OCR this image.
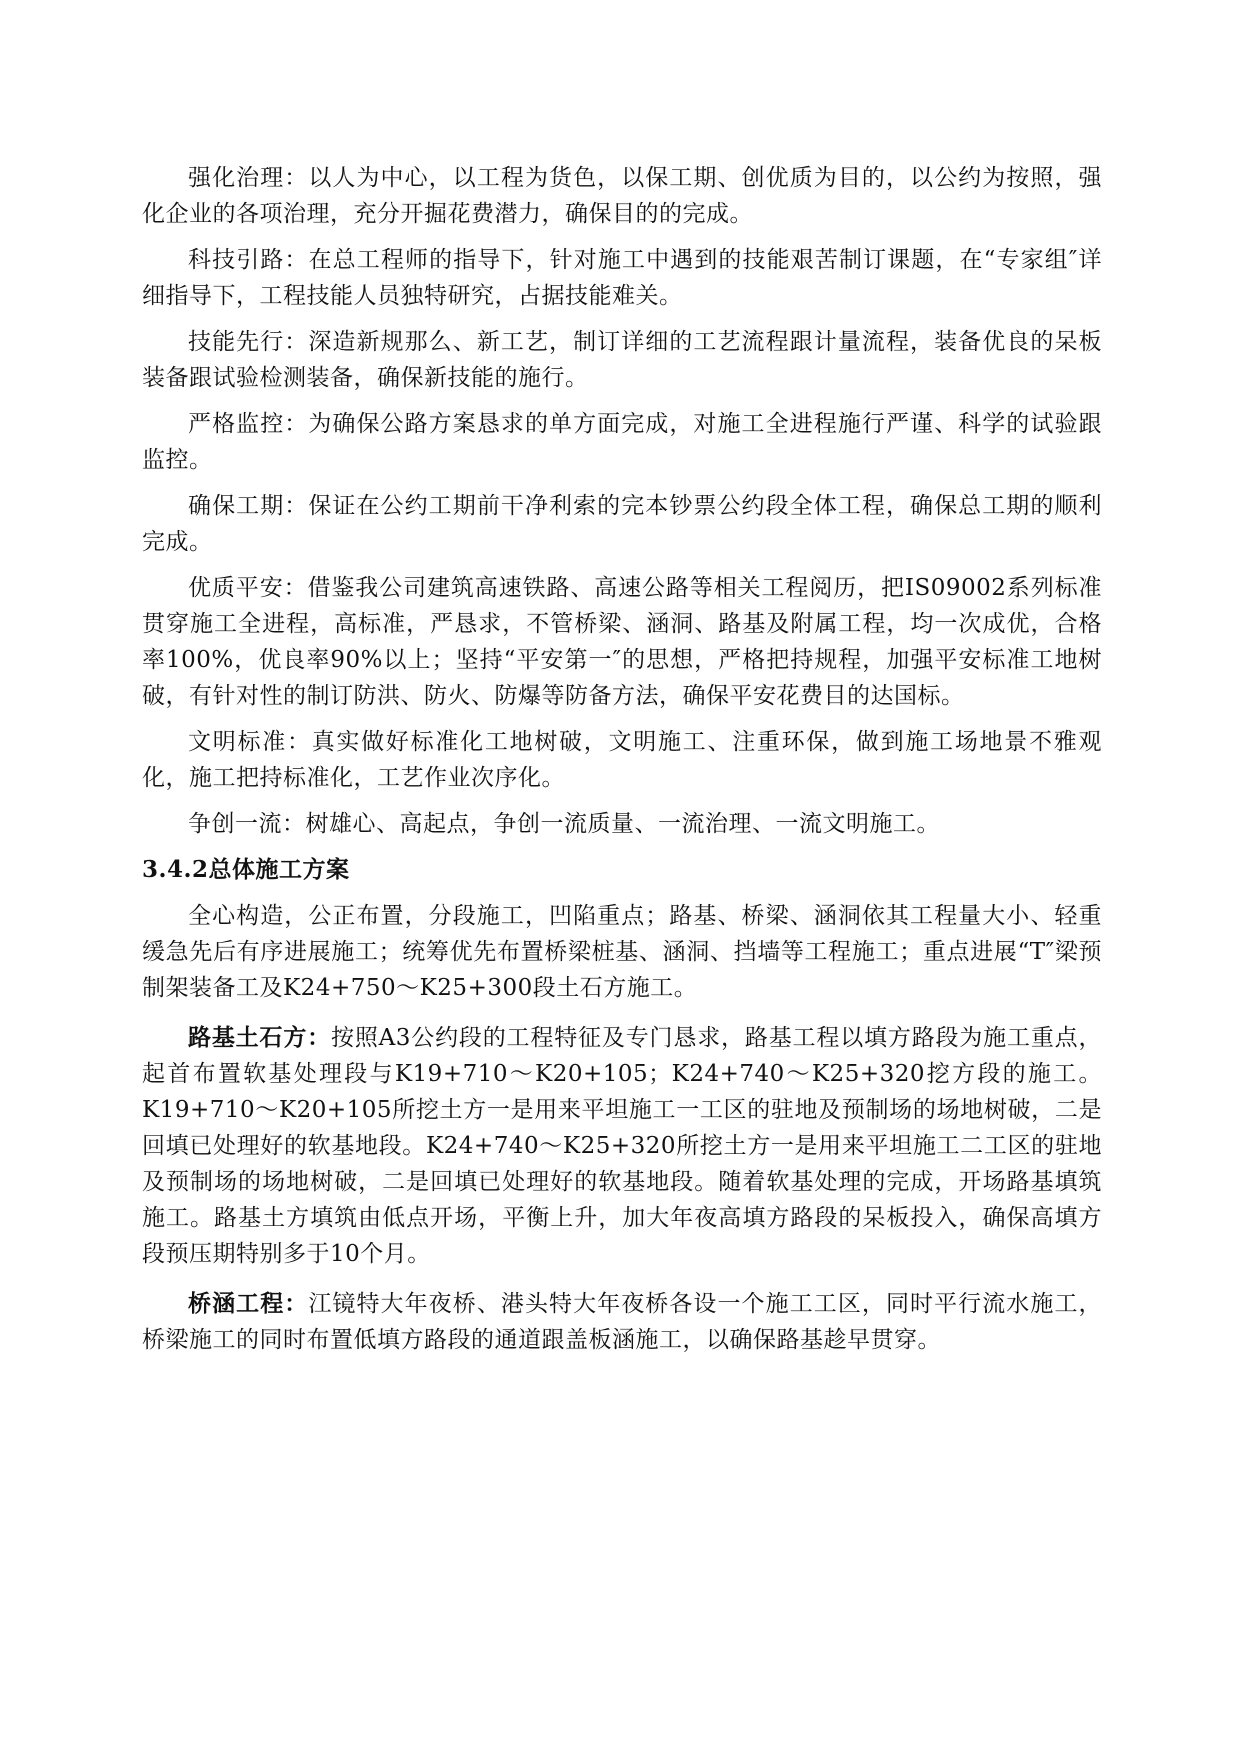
强化治理：以人为中心，以工程为货色，以保工期、创优质为目的，以公约为按照，强化企业的各项治理，充分开掘花费潜力，确保目的的完成。

科技引路：在总工程师的指导下，针对施工中遇到的技能艰苦制订课题，在“专家组″详细指导下，工程技能人员独特研究，占据技能难关。

技能先行：深造新规那么、新工艺，制订详细的工艺流程跟计量流程，装备优良的呆板装备跟试验检测装备，确保新技能的施行。

严格监控：为确保公路方案恳求的单方面完成，对施工全进程施行严谨、科学的试验跟监控。

确保工期：保证在公约工期前干净利索的完本钞票公约段全体工程，确保总工期的顺利完成。

优质平安：借鉴我公司建筑高速铁路、高速公路等相关工程阅历，把IS09002系列标准贯穿施工全进程，高标准，严恳求，不管桥梁、涵洞、路基及附属工程，均一次成优，合格率100%，优良率90%以上；坚持“平安第一″的思想，严格把持规程，加强平安标准工地树破，有针对性的制订防洪、防火、防爆等防备方法，确保平安花费目的达国标。

文明标准：真实做好标准化工地树破，文明施工、注重环保，做到施工场地景不雅观化，施工把持标准化，工艺作业次序化。

争创一流：树雄心、高起点，争创一流质量、一流治理、一流文明施工。

3.4.2总体施工方案

全心构造，公正布置，分段施工，凹陷重点；路基、桥梁、涵洞依其工程量大小、轻重缓急先后有序进展施工；统筹优先布置桥梁桩基、涵洞、挡墙等工程施工；重点进展“T″梁预制架装备工及K24+750～K25+300段土石方施工。

路基土石方：按照A3公约段的工程特征及专门恳求，路基工程以填方路段为施工重点，起首布置软基处理段与K19+710～K20+105；K24+740～K25+320挖方段的施工。K19+710～K20+105所挖土方一是用来平坦施工一工区的驻地及预制场的场地树破，二是回填已处理好的软基地段。K24+740～K25+320所挖土方一是用来平坦施工二工区的驻地及预制场的场地树破，二是回填已处理好的软基地段。随着软基处理的完成，开场路基填筑施工。路基土方填筑由低点开场，平衡上升，加大年夜高填方路段的呆板投入，确保高填方段预压期特别多于10个月。

桥涵工程：江镜特大年夜桥、港头特大年夜桥各设一个施工工区，同时平行流水施工，桥梁施工的同时布置低填方路段的通道跟盖板涵施工，以确保路基趁早贯穿。
